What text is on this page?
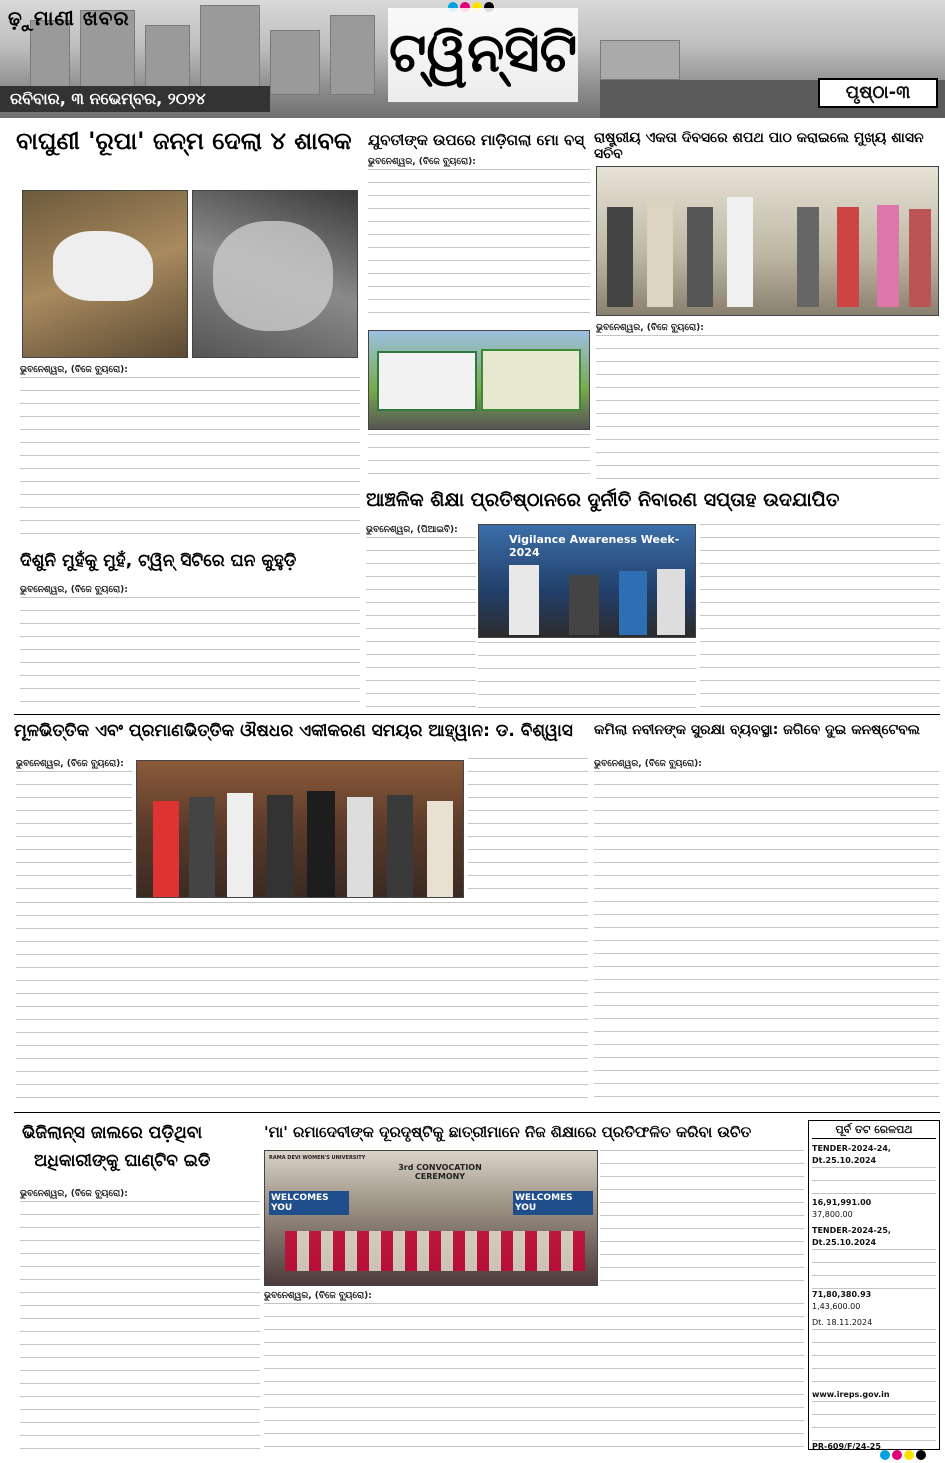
ଢ଼ୁମାଣୀ ଖବର
ଟ୍ୱିନ୍‌ସିଟି
ରବିବାର, ୩ ନଭେମ୍ବର, ୨୦୨୪	ପୃଷ୍ଠା-୩
ବାଘୁଣୀ 'ରୂପା' ଜନ୍ମ ଦେଲା ୪ ଶାବକ
ଭୁବନେଶ୍ୱର, (ବିଜେ ବ୍ୟୁରୋ):
ଯୁବତୀଙ୍କ ଉପରେ ମାଡ଼ିଗଲା ମୋ ବସ୍
ଭୁବନେଶ୍ୱର, (ବିଜେ ବ୍ୟୁରୋ):
ରାଷ୍ଟ୍ରୀୟ ଏକତା ଦିବସରେ ଶପଥ ପାଠ କରାଇଲେ ମୁଖ୍ୟ ଶାସନ ସଚିବ
ଭୁବନେଶ୍ୱର, (ବିଜେ ବ୍ୟୁରୋ):
ଦିଶୁନି ମୁହଁକୁ ମୁହଁ, ଟ୍ୱିନ୍ ସିଟିରେ ଘନ କୁହୁଡ଼ି
ଭୁବନେଶ୍ୱର, (ବିଜେ ବ୍ୟୁରୋ):
ଆଞ୍ଚଳିକ ଶିକ୍ଷା ପ୍ରତିଷ୍ଠାନରେ ଦୁର୍ନୀତି ନିବାରଣ ସପ୍ତାହ ଉଦଯାପିତ
ଭୁବନେଶ୍ୱର, (ପିଆଇବି):
Vigilance Awareness Week-2024
ମୂଳଭିତ୍ତିକ ଏବଂ ପ୍ରମାଣଭିତ୍ତିକ ଔଷଧର ଏକୀକରଣ ସମୟର ଆହ୍ୱାନ: ଡ. ବିଶ୍ୱାସ
ଭୁବନେଶ୍ୱର, (ବିଜେ ବ୍ୟୁରୋ):
କମିଲା ନବୀନଙ୍କ ସୁରକ୍ଷା ବ୍ୟବସ୍ଥା: ଜଗିବେ ଦୁଇ କନଷ୍ଟେବଲ
ଭୁବନେଶ୍ୱର, (ବିଜେ ବ୍ୟୁରୋ):
ଭିଜିଲାନ୍ସ ଜାଲରେ ପଡ଼ିଥିବା
ଅଧିକାରୀଙ୍କୁ ଘାଣ୍ଟିବ ଇଡି
ଭୁବନେଶ୍ୱର, (ବିଜେ ବ୍ୟୁରୋ):
'ମା' ରମାଦେବୀଙ୍କ ଦୂରଦୃଷ୍ଟିକୁ ଛାତ୍ରୀମାନେ ନିଜ ଶିକ୍ଷାରେ ପ୍ରତିଫଳିତ କରିବା ଉଚିତ
RAMA DEVI WOMEN'S UNIVERSITY
3rd CONVOCATION CEREMONY
WELCOMES YOU
WELCOMES YOU
ଭୁବନେଶ୍ୱର, (ବିଜେ ବ୍ୟୁରୋ):
ପୂର୍ବ ତଟ ରେଳପଥ
TENDER-2024-24, Dt.25.10.2024
16,91,991.00
37,800.00
TENDER-2024-25, Dt.25.10.2024
71,80,380.93
1,43,600.00
Dt. 18.11.2024
www.ireps.gov.in
PR-609/F/24-25
